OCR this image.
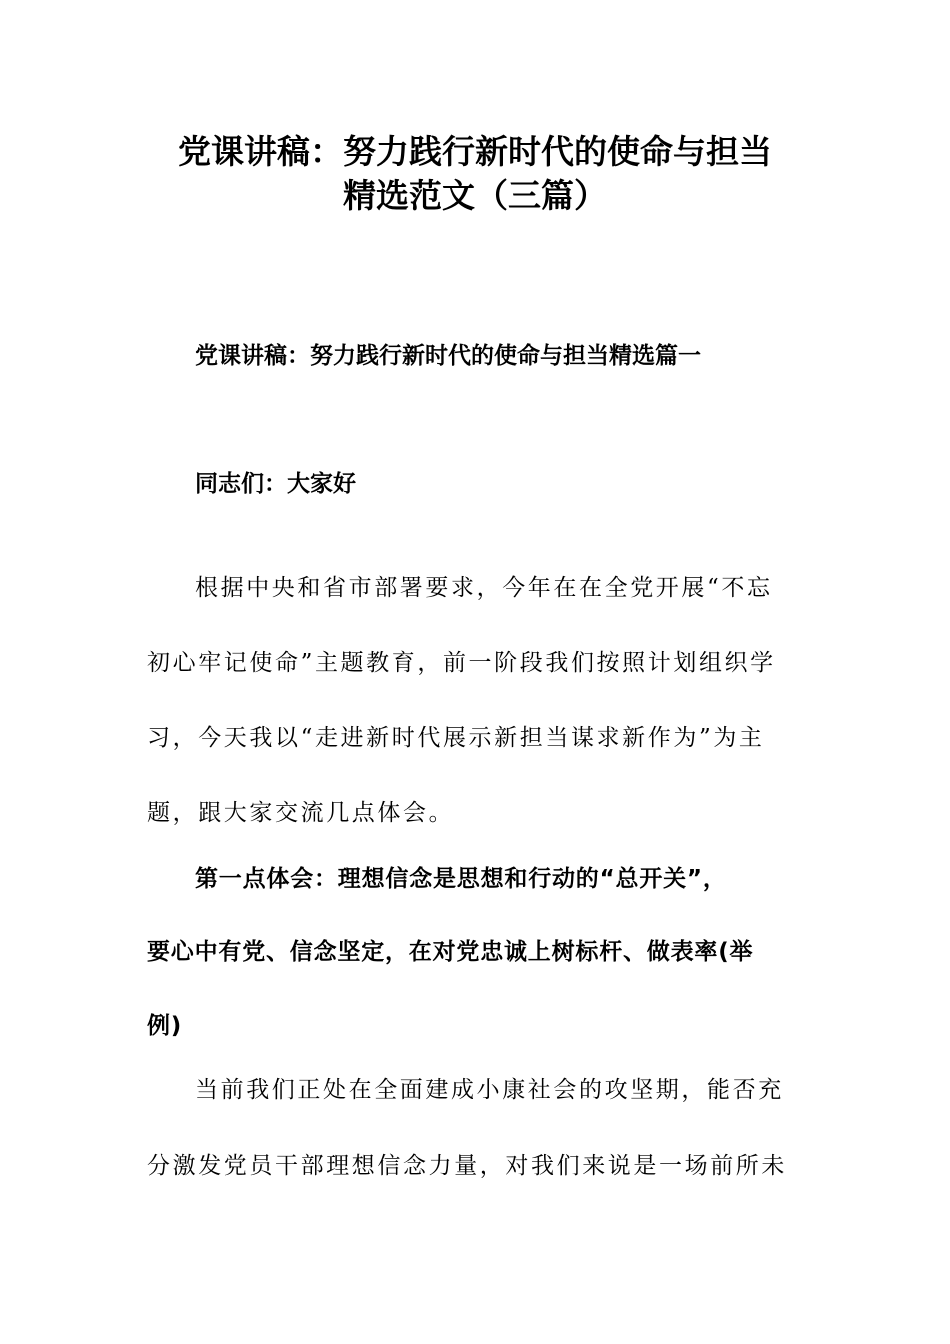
党课讲稿：努力践行新时代的使命与担当
精选范文（三篇）
党课讲稿：努力践行新时代的使命与担当精选篇一

同志们：大家好

根据中央和省市部署要求，今年在在全党开展“不忘

初心牢记使命”主题教育，前一阶段我们按照计划组织学

习，今天我以“走进新时代展示新担当谋求新作为”为主

题，跟大家交流几点体会。

第一点体会：理想信念是思想和行动的“总开关”，

要心中有党、信念坚定，在对党忠诚上树标杆、做表率(举

例)

当前我们正处在全面建成小康社会的攻坚期，能否充

分激发党员干部理想信念力量，对我们来说是一场前所未
